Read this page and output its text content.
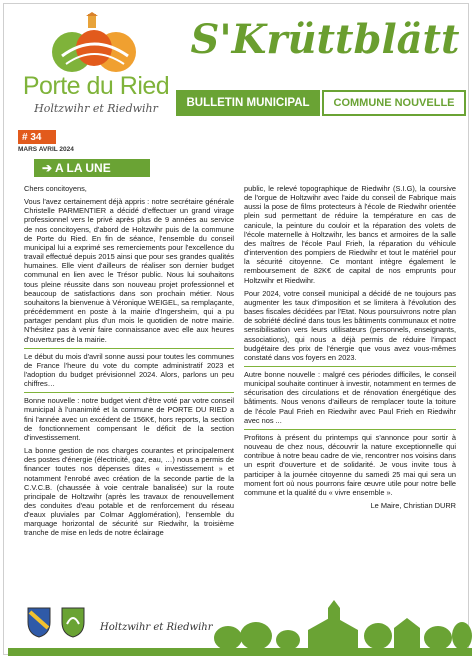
Porte du Ried
Holtzwihr et Riedwihr
S'Krüttblätt
BULLETIN MUNICIPAL	COMMUNE NOUVELLE
# 34
MARS AVRIL 2024
➔ A LA UNE

Chers concitoyens,

Vous l'avez certainement déjà appris : notre secrétaire générale Christelle PARMENTIER a décidé d'effectuer un grand virage professionnel vers le privé après plus de 9 années au service de nos concitoyens, d'abord de Holtzwihr puis de la commune de Porte du Ried. En fin de séance, l'ensemble du conseil municipal lui a exprimé ses remerciements pour l'excellence du travail effectué depuis 2015 ainsi que pour ses grandes qualités humaines. Elle vient d'ailleurs de réaliser son dernier budget communal en lien avec le Trésor public. Nous lui souhaitons tous pleine réussite dans son nouveau projet professionnel et beaucoup de satisfactions dans son prochain métier. Nous souhaitons la bienvenue à Véronique WEIGEL, sa remplaçante, précédemment en poste à la mairie d'Ingersheim, qui a pu partager pendant plus d'un mois le quotidien de notre mairie. N'hésitez pas à venir faire connaissance avec elle aux heures d'ouvertures de la mairie.

Le début du mois d'avril sonne aussi pour toutes les communes de France l'heure du vote du compte administratif 2023 et l'adoption du budget prévisionnel 2024. Alors, parlons un peu chiffres…

Bonne nouvelle : notre budget vient d'être voté par votre conseil municipal à l'unanimité et la commune de PORTE DU RIED a fini l'année avec un excédent de 156K€, hors reports, la section de fonctionnement compensant le déficit de la section d'investissement.

La bonne gestion de nos charges courantes et principalement des postes d'énergie (électricité, gaz, eau, …) nous a permis de financer toutes nos dépenses dites « investissement » et notamment l'enrobé avec création de la seconde partie de la C.V.C.B. (chaussée à voie centrale banalisée) sur la route principale de Holtzwihr (après les travaux de renouvellement des conduites d'eau potable et de renforcement du réseau d'eaux pluviales par Colmar Agglomération), l'ensemble du marquage horizontal de sécurité sur Riedwihr, la troisième tranche de mise en leds de notre éclairage

public, le relevé topographique de Riedwihr (S.I.G), la coursive de l'orgue de Holtzwihr avec l'aide du conseil de Fabrique mais aussi la pose de films protecteurs à l'école de Riedwihr orientée plein sud permettant de réduire la température en cas de canicule, la peinture du couloir et la réparation des volets de l'école maternelle à Holtzwihr, les bancs et armoires de la salle des maîtres de l'école Paul Frieh, la réparation du véhicule d'intervention des pompiers de Riedwihr et tout le matériel pour la sécurité citoyenne. Ce montant intègre également le remboursement de 82K€ de capital de nos emprunts pour Holtzwihr et Riedwihr.

Pour 2024, votre conseil municipal a décidé de ne toujours pas augmenter les taux d'imposition et se limitera à l'évolution des bases fiscales décidées par l'Etat. Nous poursuivrons notre plan de sobriété décliné dans tous les bâtiments communaux et notre sensibilisation vers leurs utilisateurs (personnels, enseignants, associations), qui nous a déjà permis de réduire l'impact budgétaire des prix de l'énergie que vous avez vous-mêmes constaté dans vos foyers en 2023.

Autre bonne nouvelle : malgré ces périodes difficiles, le conseil municipal souhaite continuer à investir, notamment en termes de sécurisation des circulations et de rénovation énergétique des bâtiments. Nous venons d'ailleurs de remplacer toute la toiture de l'école Paul Frieh en Riedwihr avec Paul Frieh en Riedwihr avec nos ...

Profitons à présent du printemps qui s'annonce pour sortir à nouveau de chez nous, découvrir la nature exceptionnelle qui contribue à notre beau cadre de vie, rencontrer nos voisins dans un esprit d'ouverture et de solidarité. Je vous invite tous à participer à la journée citoyenne du samedi 25 mai qui sera un moment fort où nous pourrons faire œuvre utile pour notre belle commune et la qualité du « vivre ensemble ».

Le Maire, Christian DURR

Holtzwihr et Riedwihr
